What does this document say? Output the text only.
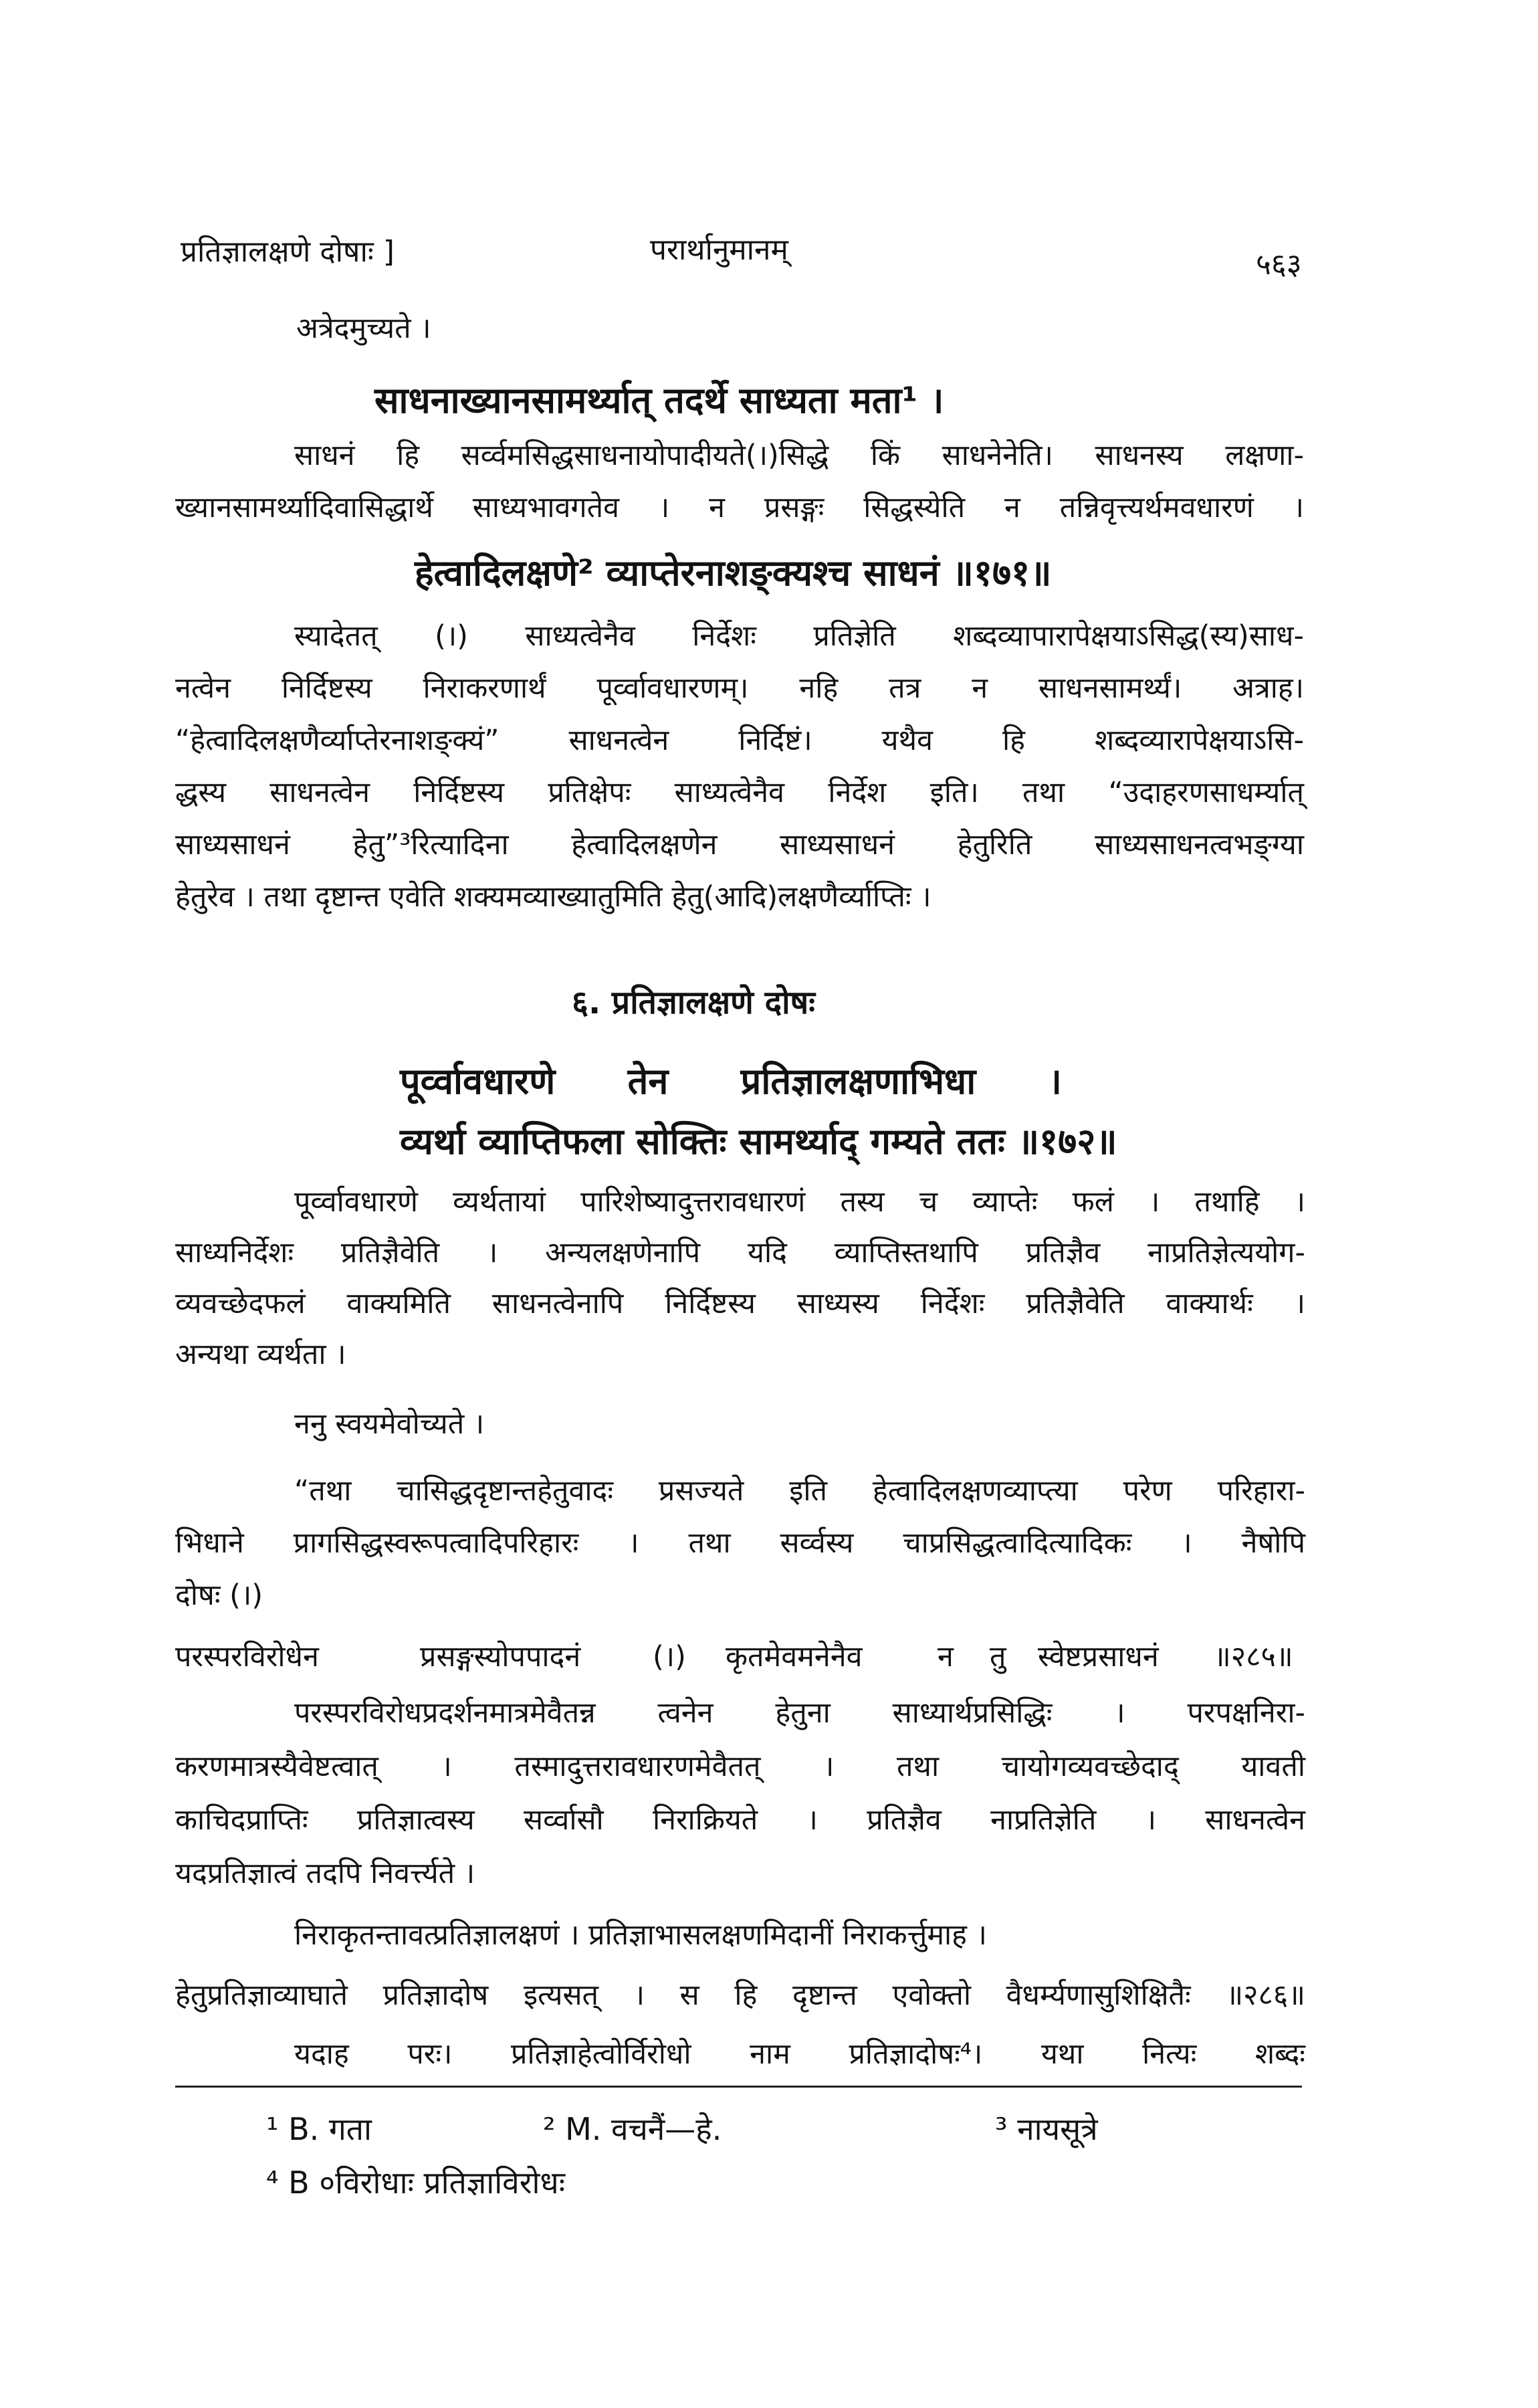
प्रतिज्ञालक्षणे दोषाः ]	परार्थानुमानम्	५६३
अत्रेदमुच्यते ।
साधनाख्यानसामर्थ्यात् तदर्थे साध्यता मता¹ ।
साधनं हि सर्व्वमसिद्धसाधनायोपादीयते(।)सिद्धे किं साधनेनेति। साधनस्य लक्षणा-
ख्यानसामर्थ्यादिवासिद्धार्थे साध्यभावगतेव । न प्रसङ्गः सिद्धस्येति न तन्निवृत्त्यर्थमवधारणं ।
हेत्वादिलक्षणे² व्याप्तेरनाशङ्क्यश्च साधनं ॥१७१॥
स्यादेतत् (।) साध्यत्वेनैव निर्देशः प्रतिज्ञेति शब्दव्यापारापेक्षयाऽसिद्ध(स्य)साध-
नत्वेन निर्दिष्टस्य निराकरणार्थं पूर्व्वावधारणम्। नहि तत्र न साधनसामर्थ्यं। अत्राह।
“हेत्वादिलक्षणैर्व्याप्तेरनाशङ्क्यं” साधनत्वेन निर्दिष्टं। यथैव हि शब्दव्यारापेक्षयाऽसि-
द्धस्य साधनत्वेन निर्दिष्टस्य प्रतिक्षेपः साध्यत्वेनैव निर्देश इति। तथा “उदाहरणसाधर्म्यात्
साध्यसाधनं हेतु”³रित्यादिना हेत्वादिलक्षणेन साध्यसाधनं हेतुरिति साध्यसाधनत्वभङ्ग्या
हेतुरेव । तथा दृष्टान्त एवेति शक्यमव्याख्यातुमिति हेतु(आदि)लक्षणैर्व्याप्तिः ।
६. प्रतिज्ञालक्षणे दोषः
पूर्व्वावधारणे तेन प्रतिज्ञालक्षणाभिधा ।
व्यर्था व्याप्तिफला सोक्तिः सामर्थ्याद् गम्यते ततः ॥१७२॥
पूर्व्वावधारणे व्यर्थतायां पारिशेष्यादुत्तरावधारणं तस्य च व्याप्तेः फलं । तथाहि ।
साध्यनिर्देशः प्रतिज्ञैवेति । अन्यलक्षणेनापि यदि व्याप्तिस्तथापि प्रतिज्ञैव नाप्रतिज्ञेत्ययोग-
व्यवच्छेदफलं वाक्यमिति साधनत्वेनापि निर्दिष्टस्य साध्यस्य निर्देशः प्रतिज्ञैवेति वाक्यार्थः ।
अन्यथा व्यर्थता ।
ननु स्वयमेवोच्यते ।
“तथा चासिद्धदृष्टान्तहेतुवादः प्रसज्यते इति हेत्वादिलक्षणव्याप्त्या परेण परिहारा-
भिधाने प्रागसिद्धस्वरूपत्वादिपरिहारः । तथा सर्व्वस्य चाप्रसिद्धत्वादित्यादिकः । नैषोपि
दोषः (।)
परस्परविरोधेन	प्रसङ्गस्योपपादनं	(।) कृतमेवमनेनैव	न तु स्वेष्टप्रसाधनं ॥२८५॥
परस्परविरोधप्रदर्शनमात्रमेवैतन्न त्वनेन हेतुना साध्यार्थप्रसिद्धिः । परपक्षनिरा-
करणमात्रस्यैवेष्टत्वात् । तस्मादुत्तरावधारणमेवैतत् । तथा चायोगव्यवच्छेदाद् यावती
काचिदप्राप्तिः प्रतिज्ञात्वस्य सर्व्वासौ निराक्रियते । प्रतिज्ञैव नाप्रतिज्ञेति । साधनत्वेन
यदप्रतिज्ञात्वं तदपि निवर्त्त्यते ।
निराकृतन्तावत्प्रतिज्ञालक्षणं । प्रतिज्ञाभासलक्षणमिदानीं निराकर्त्तुमाह ।
हेतुप्रतिज्ञाव्याघाते प्रतिज्ञादोष इत्यसत् । स हि दृष्टान्त एवोक्तो वैधर्म्यणासुशिक्षितैः ॥२८६॥
यदाह परः। प्रतिज्ञाहेत्वोर्विरोधो नाम प्रतिज्ञादोषः⁴। यथा नित्यः शब्दः
¹ B. गता	² M. वचनैं—हे.	³ नायसूत्रे
⁴ B ०विरोधाः प्रतिज्ञाविरोधः
